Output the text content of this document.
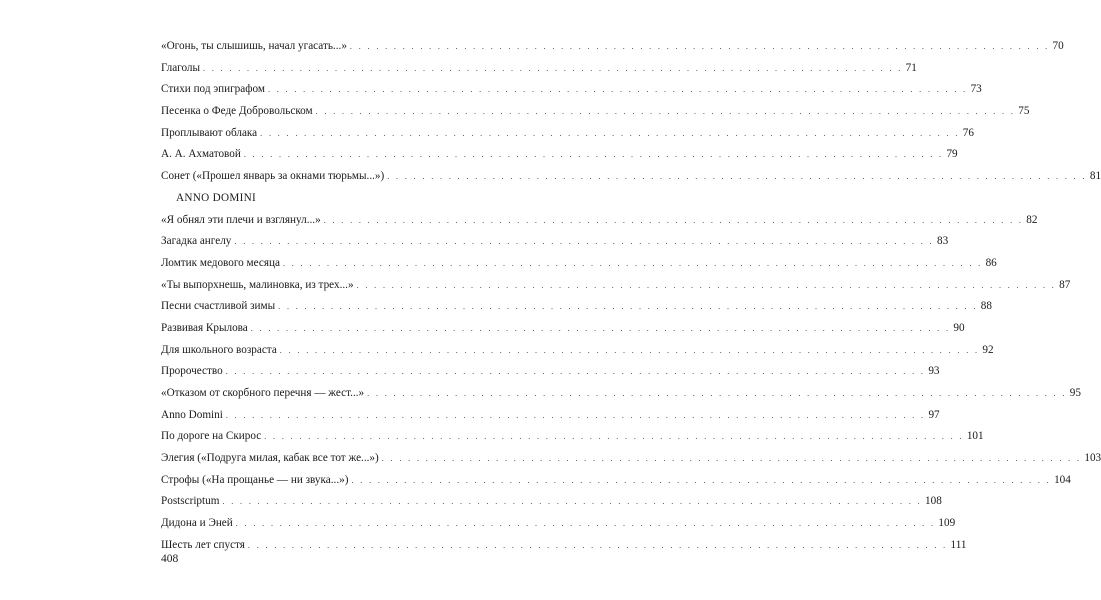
«Огонь, ты слышишь, начал угасать...» . . . . . . . . . . . . . . . . . . . . . . . . . . . . . . . . . . . . . . . . . . . . . . . . . . . . . . . . . . . . . . . . . . . . . . . . . . . . . . . . 70
Глаголы . . . . . . . . . . . . . . . . . . . . . . . . . . . . . . . . . . . . . . . . . . . . . . . . . . . . . . . . . . . . . . . . . . . . . . . . . . . . . . . . 71
Стихи под эпиграфом . . . . . . . . . . . . . . . . . . . . . . . . . . . . . . . . . . . . . . . . . . . . . . . . . . . . . . . . . . . . . . . . . . . . . . . . . . . . . . . . 73
Песенка о Феде Добровольском . . . . . . . . . . . . . . . . . . . . . . . . . . . . . . . . . . . . . . . . . . . . . . . . . . . . . . . . . . . . . . . . . . . . . . . . . . . . . . . . 75
Проплывают облака . . . . . . . . . . . . . . . . . . . . . . . . . . . . . . . . . . . . . . . . . . . . . . . . . . . . . . . . . . . . . . . . . . . . . . . . . . . . . . . . 76
А. А. Ахматовой . . . . . . . . . . . . . . . . . . . . . . . . . . . . . . . . . . . . . . . . . . . . . . . . . . . . . . . . . . . . . . . . . . . . . . . . . . . . . . . . 79
Сонет («Прошел январь за окнами тюрьмы...») . . . . . . . . . . . . . . . . . . . . . . . . . . . . . . . . . . . . . . . . . . . . . . . . . . . . . . . . . . . . . . . . . . . . . . . . . . . . . . . . 81
ANNO DOMINI
«Я обнял эти плечи и взглянул...» . . . . . . . . . . . . . . . . . . . . . . . . . . . . . . . . . . . . . . . . . . . . . . . . . . . . . . . . . . . . . . . . . . . . . . . . . . . . . . . . 82
Загадка ангелу . . . . . . . . . . . . . . . . . . . . . . . . . . . . . . . . . . . . . . . . . . . . . . . . . . . . . . . . . . . . . . . . . . . . . . . . . . . . . . . . 83
Ломтик медового месяца . . . . . . . . . . . . . . . . . . . . . . . . . . . . . . . . . . . . . . . . . . . . . . . . . . . . . . . . . . . . . . . . . . . . . . . . . . . . . . . . 86
«Ты выпорхнешь, малиновка, из трех...» . . . . . . . . . . . . . . . . . . . . . . . . . . . . . . . . . . . . . . . . . . . . . . . . . . . . . . . . . . . . . . . . . . . . . . . . . . . . . . . . 87
Песни счастливой зимы . . . . . . . . . . . . . . . . . . . . . . . . . . . . . . . . . . . . . . . . . . . . . . . . . . . . . . . . . . . . . . . . . . . . . . . . . . . . . . . . 88
Развивая Крылова . . . . . . . . . . . . . . . . . . . . . . . . . . . . . . . . . . . . . . . . . . . . . . . . . . . . . . . . . . . . . . . . . . . . . . . . . . . . . . . . 90
Для школьного возраста . . . . . . . . . . . . . . . . . . . . . . . . . . . . . . . . . . . . . . . . . . . . . . . . . . . . . . . . . . . . . . . . . . . . . . . . . . . . . . . . 92
Пророчество . . . . . . . . . . . . . . . . . . . . . . . . . . . . . . . . . . . . . . . . . . . . . . . . . . . . . . . . . . . . . . . . . . . . . . . . . . . . . . . . 93
«Отказом от скорбного перечня — жест...» . . . . . . . . . . . . . . . . . . . . . . . . . . . . . . . . . . . . . . . . . . . . . . . . . . . . . . . . . . . . . . . . . . . . . . . . . . . . . . . . 95
Anno Domini . . . . . . . . . . . . . . . . . . . . . . . . . . . . . . . . . . . . . . . . . . . . . . . . . . . . . . . . . . . . . . . . . . . . . . . . . . . . . . . . 97
По дороге на Скирос . . . . . . . . . . . . . . . . . . . . . . . . . . . . . . . . . . . . . . . . . . . . . . . . . . . . . . . . . . . . . . . . . . . . . . . . . . . . . . . . 101
Элегия («Подруга милая, кабак все тот же...») . . . . . . . . . . . . . . . . . . . . . . . . . . . . . . . . . . . . . . . . . . . . . . . . . . . . . . . . . . . . . . . . . . . . . . . . . . . . . . . . 103
Строфы («На прощанье — ни звука...») . . . . . . . . . . . . . . . . . . . . . . . . . . . . . . . . . . . . . . . . . . . . . . . . . . . . . . . . . . . . . . . . . . . . . . . . . . . . . . . . 104
Postscriptum . . . . . . . . . . . . . . . . . . . . . . . . . . . . . . . . . . . . . . . . . . . . . . . . . . . . . . . . . . . . . . . . . . . . . . . . . . . . . . . . 108
Дидона и Эней . . . . . . . . . . . . . . . . . . . . . . . . . . . . . . . . . . . . . . . . . . . . . . . . . . . . . . . . . . . . . . . . . . . . . . . . . . . . . . . . 109
Шесть лет спустя . . . . . . . . . . . . . . . . . . . . . . . . . . . . . . . . . . . . . . . . . . . . . . . . . . . . . . . . . . . . . . . . . . . . . . . . . . . . . . . . 111
408
